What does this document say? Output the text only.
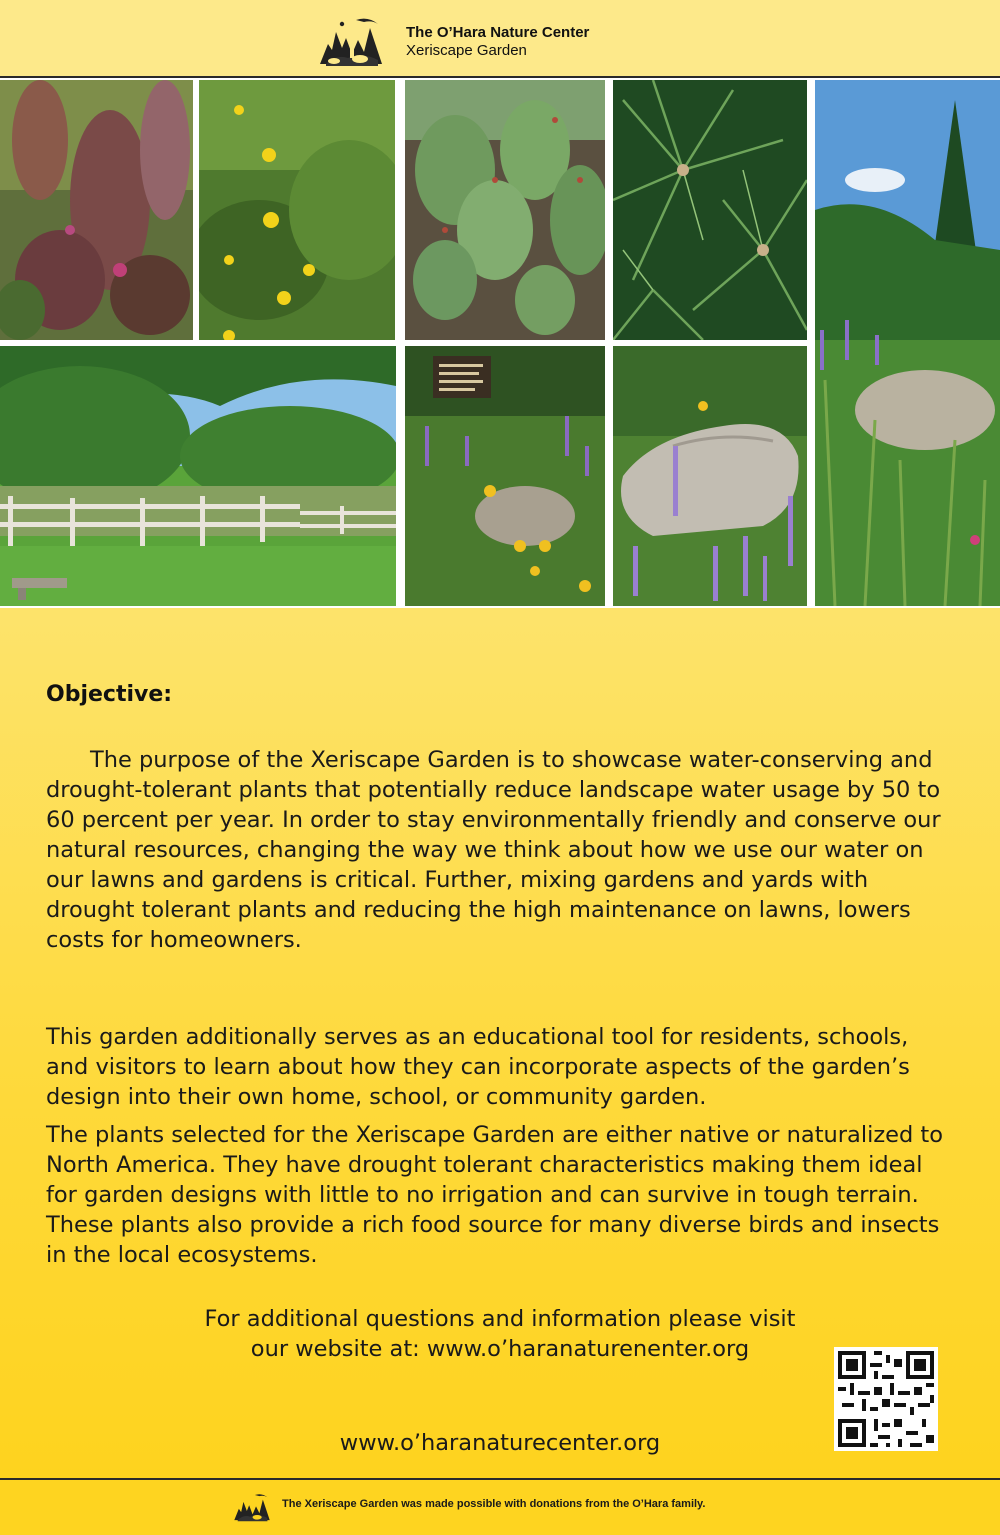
The O’Hara Nature Center
Xeriscape Garden
Objective:
The purpose of the Xeriscape Garden is to showcase water-conserving and drought-tolerant plants that potentially reduce landscape water usage by 50 to 60 percent per year. In order to stay environmentally friendly and conserve our natural resources, changing the way we think about how we use our water on our lawns and gardens is critical. Further, mixing gardens and yards with drought tolerant plants and reducing the high maintenance on lawns, lowers costs for homeowners.
This garden additionally serves as an educational tool for residents, schools, and visitors to learn about how they can incorporate aspects of the garden’s design into their own home, school, or community garden.
The plants selected for the Xeriscape Garden are either native or naturalized to North America. They have drought tolerant characteristics making them ideal for garden designs with little to no irrigation and can survive in tough terrain. These plants also provide a rich food source for many diverse birds and insects in the local ecosystems.
For additional questions and information please visit
our website at: www.o’haranaturenenter.org
www.o’haranaturecenter.org
The Xeriscape Garden was made possible with donations from the O’Hara family.
